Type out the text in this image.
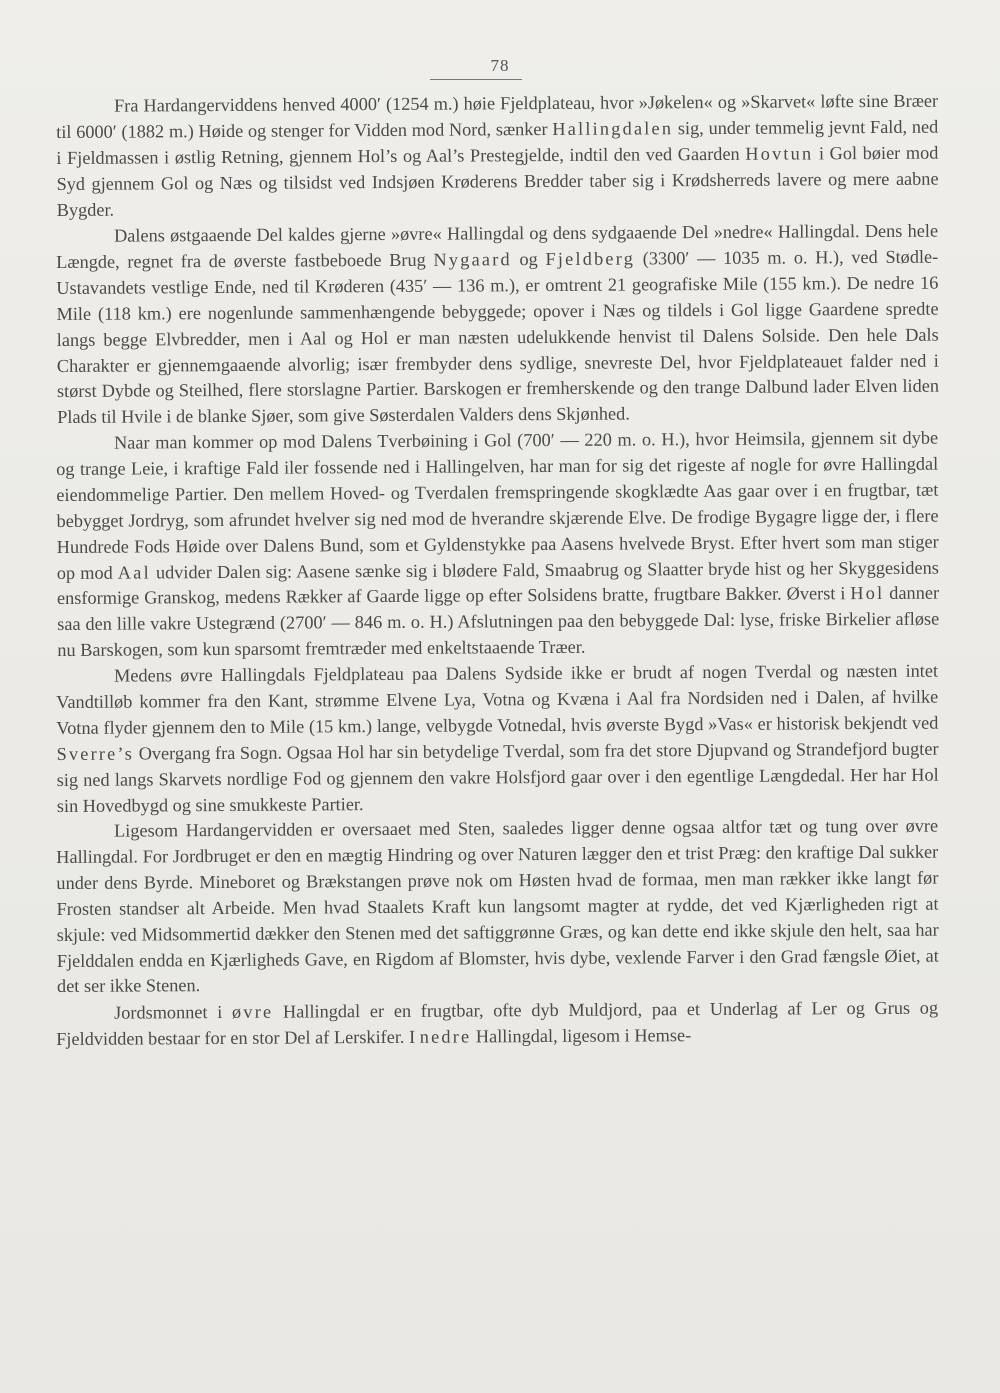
78

Fra Hardangerviddens henved 4000′ (1254 m.) høie Fjeldplateau, hvor »Jøkelen« og »Skarvet« løfte sine Bræer til 6000′ (1882 m.) Høide og stenger for Vidden mod Nord, sænker Hallingdalen sig, under temmelig jevnt Fald, ned i Fjeldmassen i østlig Retning, gjennem Hol’s og Aal’s Prestegjelde, indtil den ved Gaarden Hovtun i Gol bøier mod Syd gjennem Gol og Næs og tilsidst ved Indsjøen Krøderens Bredder taber sig i Krødsherreds lavere og mere aabne Bygder.

Dalens østgaaende Del kaldes gjerne »øvre« Hallingdal og dens sydgaaende Del »nedre« Hallingdal. Dens hele Længde, regnet fra de øverste fastbeboede Brug Nygaard og Fjeldberg (3300′ — 1035 m. o. H.), ved Stødle-Ustavandets vestlige Ende, ned til Krøderen (435′ — 136 m.), er omtrent 21 geografiske Mile (155 km.). De nedre 16 Mile (118 km.) ere nogenlunde sammenhængende bebyggede; opover i Næs og tildels i Gol ligge Gaardene spredte langs begge Elvbredder, men i Aal og Hol er man næsten udelukkende henvist til Dalens Solside. Den hele Dals Charakter er gjennemgaaende alvorlig; især frembyder dens sydlige, snevreste Del, hvor Fjeldplateauet falder ned i størst Dybde og Steilhed, flere storslagne Partier. Barskogen er fremherskende og den trange Dalbund lader Elven liden Plads til Hvile i de blanke Sjøer, som give Søsterdalen Valders dens Skjønhed.

Naar man kommer op mod Dalens Tverbøining i Gol (700′ — 220 m. o. H.), hvor Heimsila, gjennem sit dybe og trange Leie, i kraftige Fald iler fossende ned i Hallingelven, har man for sig det rigeste af nogle for øvre Hallingdal eiendommelige Partier. Den mellem Hoved- og Tverdalen fremspringende skogklædte Aas gaar over i en frugtbar, tæt bebygget Jordryg, som afrundet hvelver sig ned mod de hverandre skjærende Elve. De frodige Bygagre ligge der, i flere Hundrede Fods Høide over Dalens Bund, som et Gyldenstykke paa Aasens hvelvede Bryst. Efter hvert som man stiger op mod Aal udvider Dalen sig: Aasene sænke sig i blødere Fald, Smaabrug og Slaatter bryde hist og her Skyggesidens ensformige Granskog, medens Rækker af Gaarde ligge op efter Solsidens bratte, frugtbare Bakker. Øverst i Hol danner saa den lille vakre Ustegrænd (2700′ — 846 m. o. H.) Afslutningen paa den bebyggede Dal: lyse, friske Birkelier afløse nu Barskogen, som kun sparsomt fremtræder med enkeltstaaende Træer.

Medens øvre Hallingdals Fjeldplateau paa Dalens Sydside ikke er brudt af nogen Tverdal og næsten intet Vandtilløb kommer fra den Kant, strømme Elvene Lya, Votna og Kvæna i Aal fra Nordsiden ned i Dalen, af hvilke Votna flyder gjennem den to Mile (15 km.) lange, velbygde Votnedal, hvis øverste Bygd »Vas« er historisk bekjendt ved Sverre’s Overgang fra Sogn. Ogsaa Hol har sin betydelige Tverdal, som fra det store Djupvand og Strandefjord bugter sig ned langs Skarvets nordlige Fod og gjennem den vakre Holsfjord gaar over i den egentlige Længdedal. Her har Hol sin Hovedbygd og sine smukkeste Partier.

Ligesom Hardangervidden er oversaaet med Sten, saaledes ligger denne ogsaa altfor tæt og tung over øvre Hallingdal. For Jordbruget er den en mægtig Hindring og over Naturen lægger den et trist Præg: den kraftige Dal sukker under dens Byrde. Mineboret og Brækstangen prøve nok om Høsten hvad de formaa, men man rækker ikke langt før Frosten standser alt Arbeide. Men hvad Staalets Kraft kun langsomt magter at rydde, det ved Kjærligheden rigt at skjule: ved Midsommertid dækker den Stenen med det saftiggrønne Græs, og kan dette end ikke skjule den helt, saa har Fjelddalen endda en Kjærligheds Gave, en Rigdom af Blomster, hvis dybe, vexlende Farver i den Grad fængsle Øiet, at det ser ikke Stenen.

Jordsmonnet i øvre Hallingdal er en frugtbar, ofte dyb Muldjord, paa et Underlag af Ler og Grus og Fjeldvidden bestaar for en stor Del af Lerskifer. I nedre Hallingdal, ligesom i Hemse-
